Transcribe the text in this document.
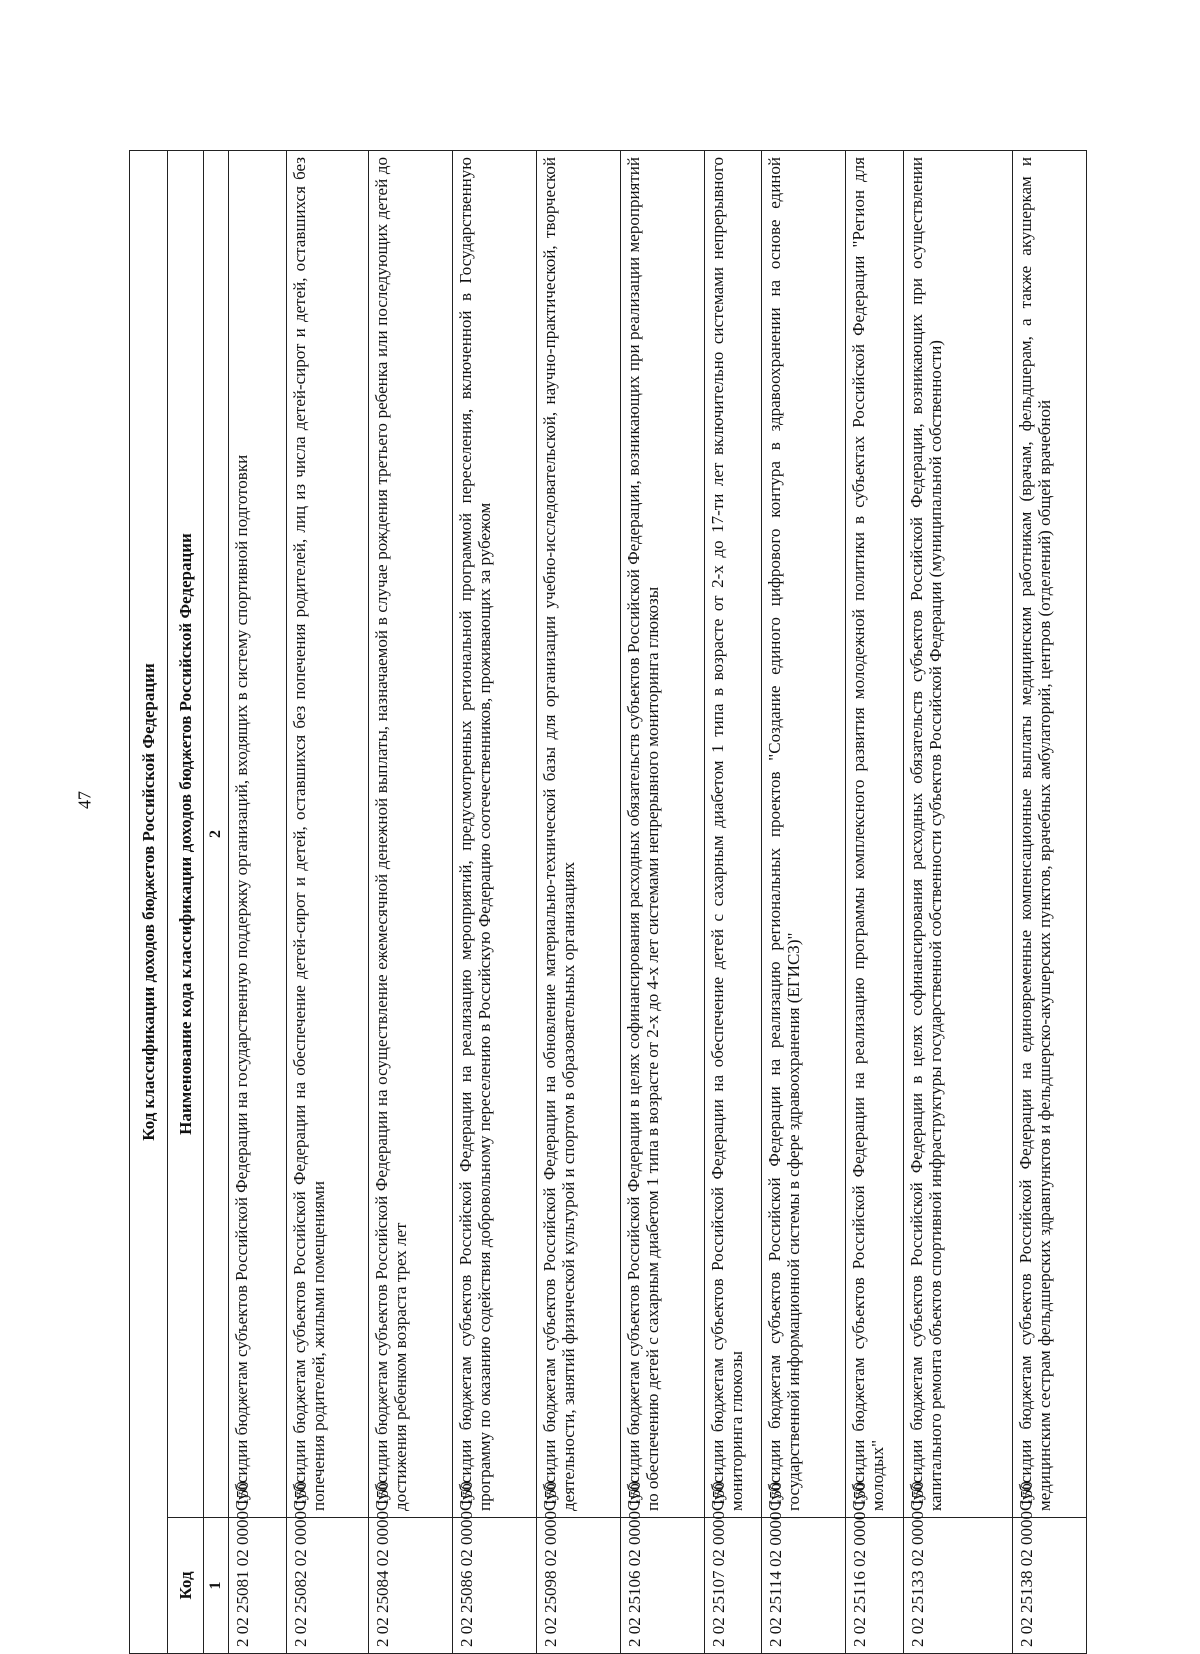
47	Код классификации доходов бюджетов Российской Федерации	
Код	Наименование кода классификации доходов бюджетов Российской Федерации
1	2
2 02 25081 02 0000 150	Субсидии бюджетам субъектов Российской Федерации на государственную поддержку организаций, входящих в систему спортивной подготовки
2 02 25082 02 0000 150	Субсидии бюджетам субъектов Российской Федерации на обеспечение детей-сирот и детей, оставшихся без попечения родителей, лиц из числа детей-сирот и детей, оставшихся без попечения родителей, жилыми помещениями
2 02 25084 02 0000 150	Субсидии бюджетам субъектов Российской Федерации на осуществление ежемесячной денежной выплаты, назначаемой в случае рождения третьего ребенка или последующих детей до достижения ребенком возраста трех лет
2 02 25086 02 0000 150	Субсидии бюджетам субъектов Российской Федерации на реализацию мероприятий, предусмотренных региональной программой переселения, включенной в Государственную программу по оказанию содействия добровольному переселению в Российскую Федерацию соотечественников, проживающих за рубежом
2 02 25098 02 0000 150	Субсидии бюджетам субъектов Российской Федерации на обновление материально-технической базы для организации учебно-исследовательской, научно-практической, творческой деятельности, занятий физической культурой и спортом в образовательных организациях
2 02 25106 02 0000 150	Субсидии бюджетам субъектов Российской Федерации в целях софинансирования расходных обязательств субъектов Российской Федерации, возникающих при реализации мероприятий по обеспечению детей с сахарным диабетом 1 типа в возрасте от 2-х до 4-х лет системами непрерывного мониторинга глюкозы
2 02 25107 02 0000 150	Субсидии бюджетам субъектов Российской Федерации на обеспечение детей с сахарным диабетом 1 типа в возрасте от 2-х до 17-ти лет включительно системами непрерывного мониторинга глюкозы
2 02 25114 02 0000 150	Субсидии бюджетам субъектов Российской Федерации на реализацию региональных проектов "Создание единого цифрового контура в здравоохранении на основе единой государственной информационной системы в сфере здравоохранения (ЕГИСЗ)"
2 02 25116 02 0000 150	Субсидии бюджетам субъектов Российской Федерации на реализацию программы комплексного развития молодежной политики в субъектах Российской Федерации "Регион для молодых"
2 02 25133 02 0000 150	Субсидии бюджетам субъектов Российской Федерации в целях софинансирования расходных обязательств субъектов Российской Федерации, возникающих при осуществлении капитального ремонта объектов спортивной инфраструктуры государственной собственности субъектов Российской Федерации (муниципальной собственности)
2 02 25138 02 0000 150	Субсидии бюджетам субъектов Российской Федерации на единовременные компенсационные выплаты медицинским работникам (врачам, фельдшерам, а также акушеркам и медицинским сестрам фельдшерских здравпунктов и фельдшерско-акушерских пунктов, врачебных амбулаторий, центров (отделений) общей врачебной
